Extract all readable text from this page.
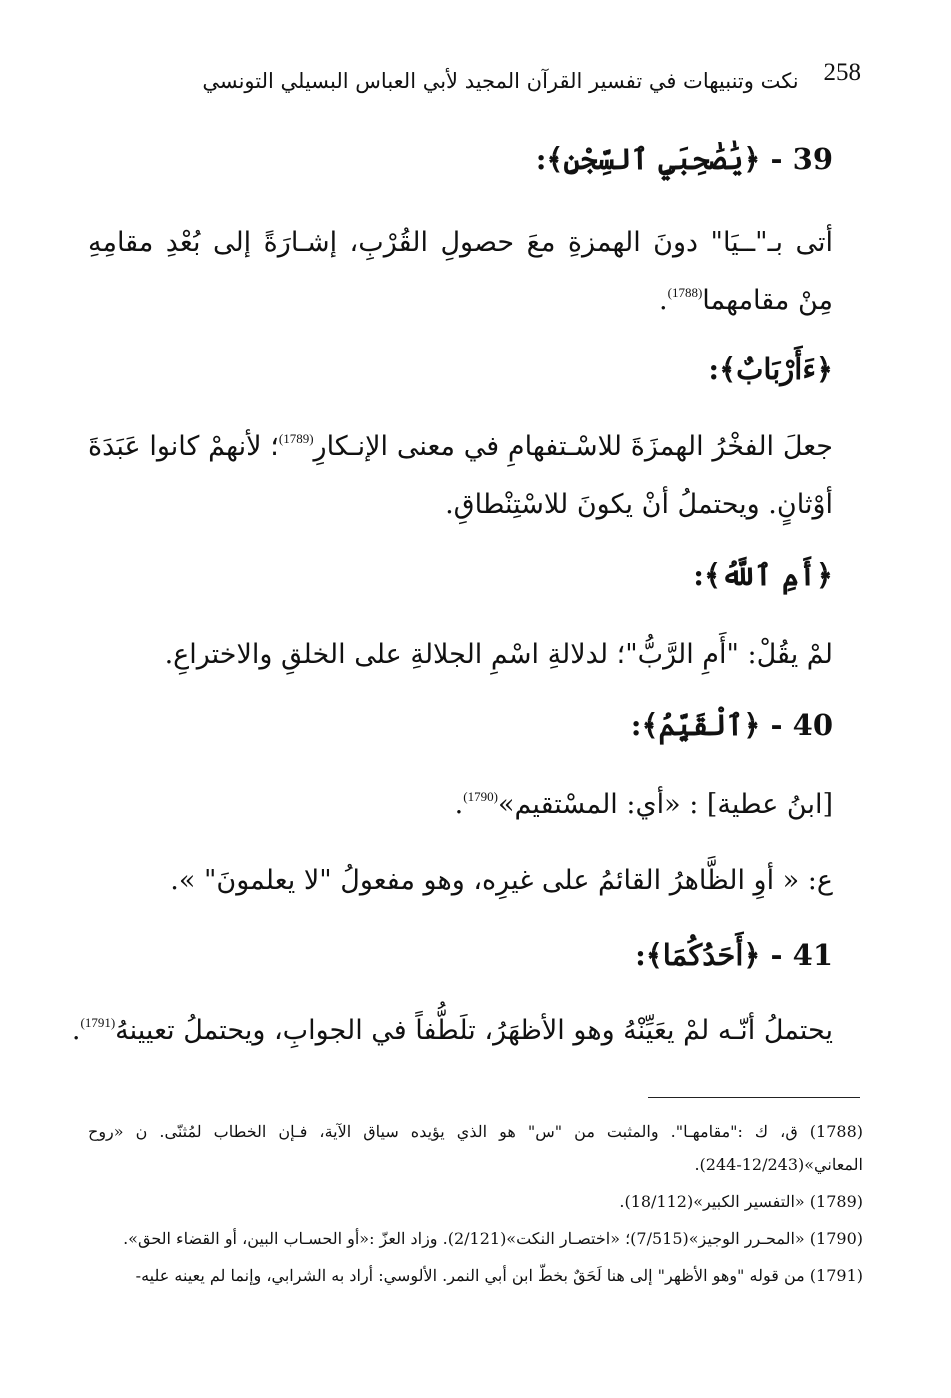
258
نكت وتنبيهات في تفسير القرآن المجيد لأبي العباس البسيلي التونسي
39 - ﴿يَٰصَٰحِبَيِ ٱلسِّجْنِ﴾:
أتى بـ"ــيَا" دونَ الهمزةِ معَ حصولِ القُرْبِ، إشـارَةً إلى بُعْدِ مقامِهِ مِنْ مقامهما$^{(1788)}$.
﴿ءَأَرْبَابٌ﴾:
جعلَ الفخْرُ الهمزَةَ للاسْـتفهامِ في معنى الإنـكارِ$^{(1789)}$؛ لأنهمْ كانوا عَبَدَةَ أوْثانٍ. ويحتملُ أنْ يكونَ للاسْتِنْطاقِ.
﴿أَمِ ٱللَّهُ﴾:
لمْ يقُلْ: "أَمِ الرَّبُّ"؛ لدلالةِ اسْمِ الجلالةِ على الخلقِ والاختراعِ.
40 - ﴿ٱلْقَيِّمُ﴾:
[ابنُ عطية] : «أي: المسْتقيم»$^{(1790)}$.
ع: « أوِ الظَّاهرُ القائمُ على غيرِه، وهو مفعولُ "لا يعلمونَ" ».
41 - ﴿أَحَدُكُمَا﴾:
يحتملُ أنّـه لمْ يعَيِّنْهُ وهو الأظهَرُ، تلَطُّفاً في الجوابِ، ويحتملُ تعيينهُ$^{(1791)}$.
(1788) ق، ك :"مقامهـا". والمثبت من "س" هو الذي يؤيده سياق الآية، فـإن الخطاب لمُثنّى. ن «روح المعاني»(12/243-244).
(1789) «التفسير الكبير»(18/112).
(1790) «المحـرر الوجيز»(7/515)؛ «اختصـار النكت»(2/121). وزاد العزّ :«أو الحسـاب البين، أو القضاء الحق».
(1791) من قوله "وهو الأظهر" إلى هنا لَحَقٌ بخطّ ابن أبي النمر. الألوسي: أراد به الشرابي، وإنما لم يعينه عليه-
